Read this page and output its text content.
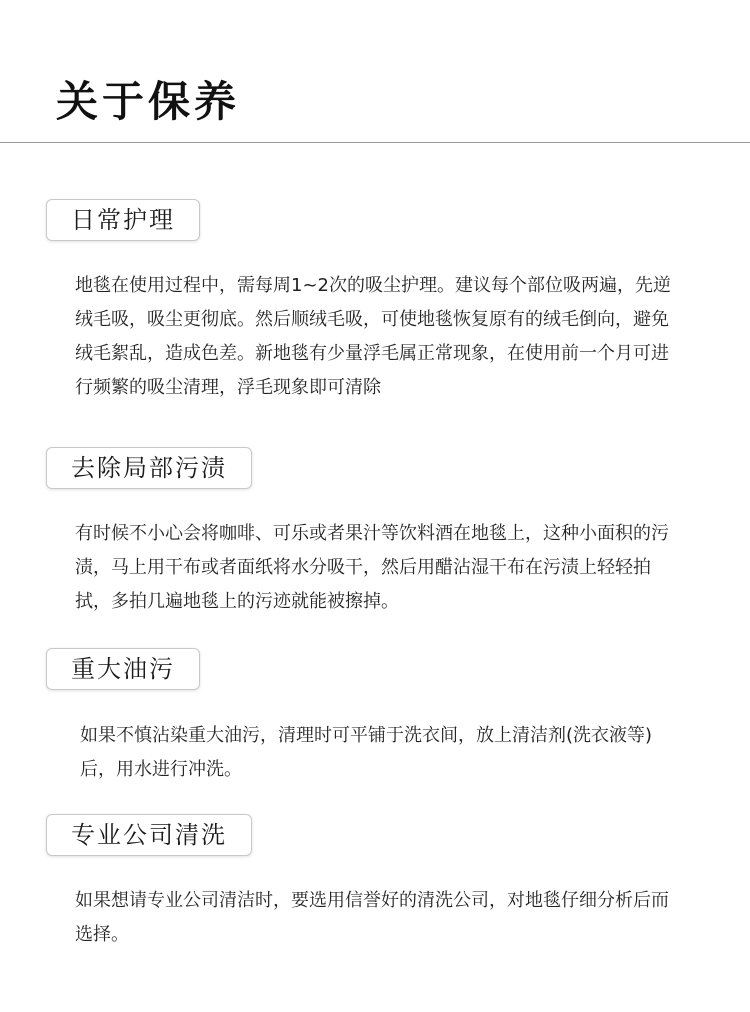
关于保养
日常护理

地毯在使用过程中，需每周1~2次的吸尘护理。建议每个部位吸两遍，先逆绒毛吸，吸尘更彻底。然后顺绒毛吸，可使地毯恢复原有的绒毛倒向，避免绒毛絮乱，造成色差。新地毯有少量浮毛属正常现象，在使用前一个月可进行频繁的吸尘清理，浮毛现象即可清除

去除局部污渍

有时候不小心会将咖啡、可乐或者果汁等饮料酒在地毯上，这种小面积的污渍，马上用干布或者面纸将水分吸干，然后用醋沾湿干布在污渍上轻轻拍拭，多拍几遍地毯上的污迹就能被擦掉。

重大油污

如果不慎沾染重大油污，清理时可平铺于洗衣间，放上清洁剂(洗衣液等)后，用水进行冲洗。

专业公司清洗

如果想请专业公司清洁时，要选用信誉好的清洗公司，对地毯仔细分析后而选择。
